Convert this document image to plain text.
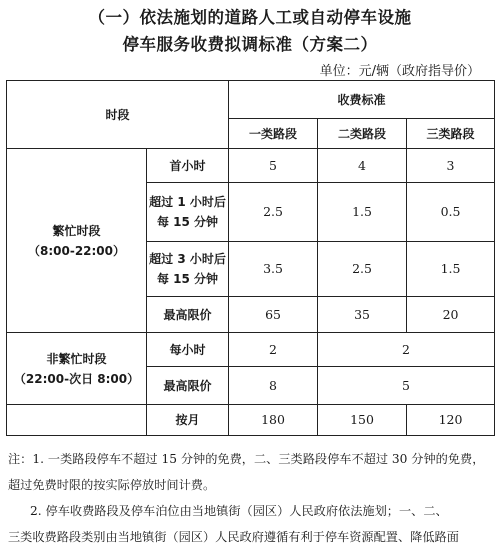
（一）依法施划的道路人工或自动停车设施
停车服务收费拟调标准（方案二）
单位：元/辆（政府指导价）
时段		收费标准		
		一类路段	二类路段	三类路段

繁忙时段
（8:00-22:00）	首小时	5	4	3

	超过 1 小时后
每 15 分钟	2.5	1.5	0.5

	超过 3 小时后
每 15 分钟	3.5	2.5	1.5
	最高限价	65	35	20

非繁忙时段
（22:00-次日 8:00）	每小时	2	2	
	最高限价	8	5	
	按月	180	150	120
注：1. 一类路段停车不超过 15 分钟的免费，二、三类路段停车不超过 30 分钟的免费，
超过免费时限的按实际停放时间计费。
2. 停车收费路段及停车泊位由当地镇街（园区）人民政府依法施划；一、二、
三类收费路段类别由当地镇街（园区）人民政府遵循有利于停车资源配置、降低路面
